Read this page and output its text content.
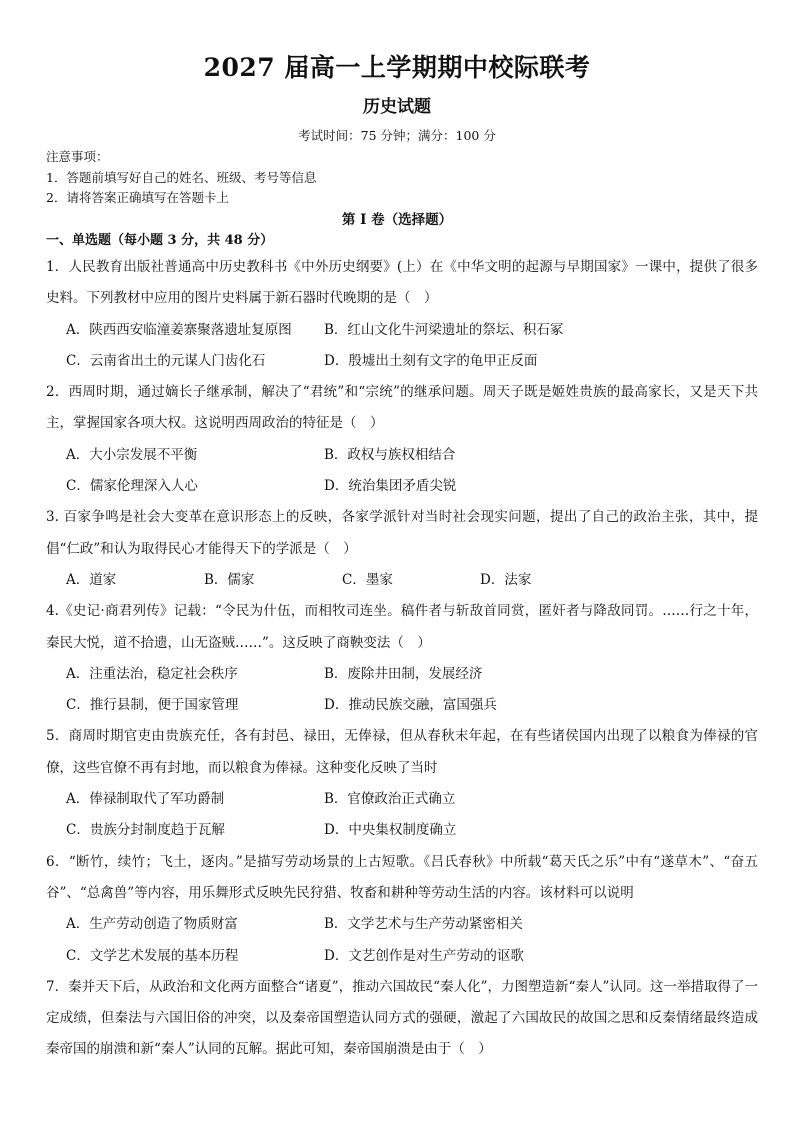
2027 届高一上学期期中校际联考
历史试题
考试时间：75 分钟；满分：100 分
注意事项：
1．答题前填写好自己的姓名、班级、考号等信息
2．请将答案正确填写在答题卡上
第 I 卷（选择题）
一、单选题（每小题 3 分，共 48 分）
1．人民教育出版社普通高中历史教科书《中外历史纲要》(上）在《中华文明的起源与早期国家》一课中，提供了很多史料。下列教材中应用的图片史料属于新石器时代晚期的是（　）
A．陕西西安临潼姜寨聚落遗址复原图	B．红山文化牛河梁遗址的祭坛、积石冢
C．云南省出土的元谋人门齿化石	D．殷墟出土刻有文字的龟甲正反面
2．西周时期，通过嫡长子继承制，解决了“君统”和“宗统”的继承问题。周天子既是姬姓贵族的最高家长，又是天下共主，掌握国家各项大权。这说明西周政治的特征是（　）
A．大小宗发展不平衡	B．政权与族权相结合
C．儒家伦理深入人心	D．统治集团矛盾尖锐
3. 百家争鸣是社会大变革在意识形态上的反映，各家学派针对当时社会现实问题，提出了自己的政治主张，其中，提倡“仁政”和认为取得民心才能得天下的学派是（　）
A．道家	B．儒家	C．墨家	D．法家
4.《史记·商君列传》记载：“令民为什伍，而相牧司连坐。稿件者与斩敌首同赏，匿奸者与降敌同罚。……行之十年，秦民大悦，道不拾遗，山无盗贼……”。这反映了商鞅变法（　）
A．注重法治，稳定社会秩序	B．废除井田制，发展经济
C．推行县制，便于国家管理	D．推动民族交融，富国强兵
5．商周时期官吏由贵族充任，各有封邑、禄田，无俸禄，但从春秋末年起，在有些诸侯国内出现了以粮食为俸禄的官僚，这些官僚不再有封地，而以粮食为俸禄。这种变化反映了当时
A．俸禄制取代了军功爵制	B．官僚政治正式确立
C．贵族分封制度趋于瓦解	D．中央集权制度确立
6．“断竹，续竹；飞土，逐肉。”是描写劳动场景的上古短歌。《吕氏春秋》中所载“葛天氏之乐”中有“遂草木”、“奋五谷”、“总禽兽”等内容，用乐舞形式反映先民狩猎、牧畜和耕种等劳动生活的内容。该材料可以说明
A．生产劳动创造了物质财富	B．文学艺术与生产劳动紧密相关
C．文学艺术发展的基本历程	D．文艺创作是对生产劳动的讴歌
7．秦并天下后，从政治和文化两方面整合“诸夏”，推动六国故民“秦人化”，力图塑造新“秦人”认同。这一举措取得了一定成绩，但秦法与六国旧俗的冲突，以及秦帝国塑造认同方式的强硬，激起了六国故民的故国之思和反秦情绪最终造成秦帝国的崩溃和新“秦人”认同的瓦解。据此可知，秦帝国崩溃是由于（　）
